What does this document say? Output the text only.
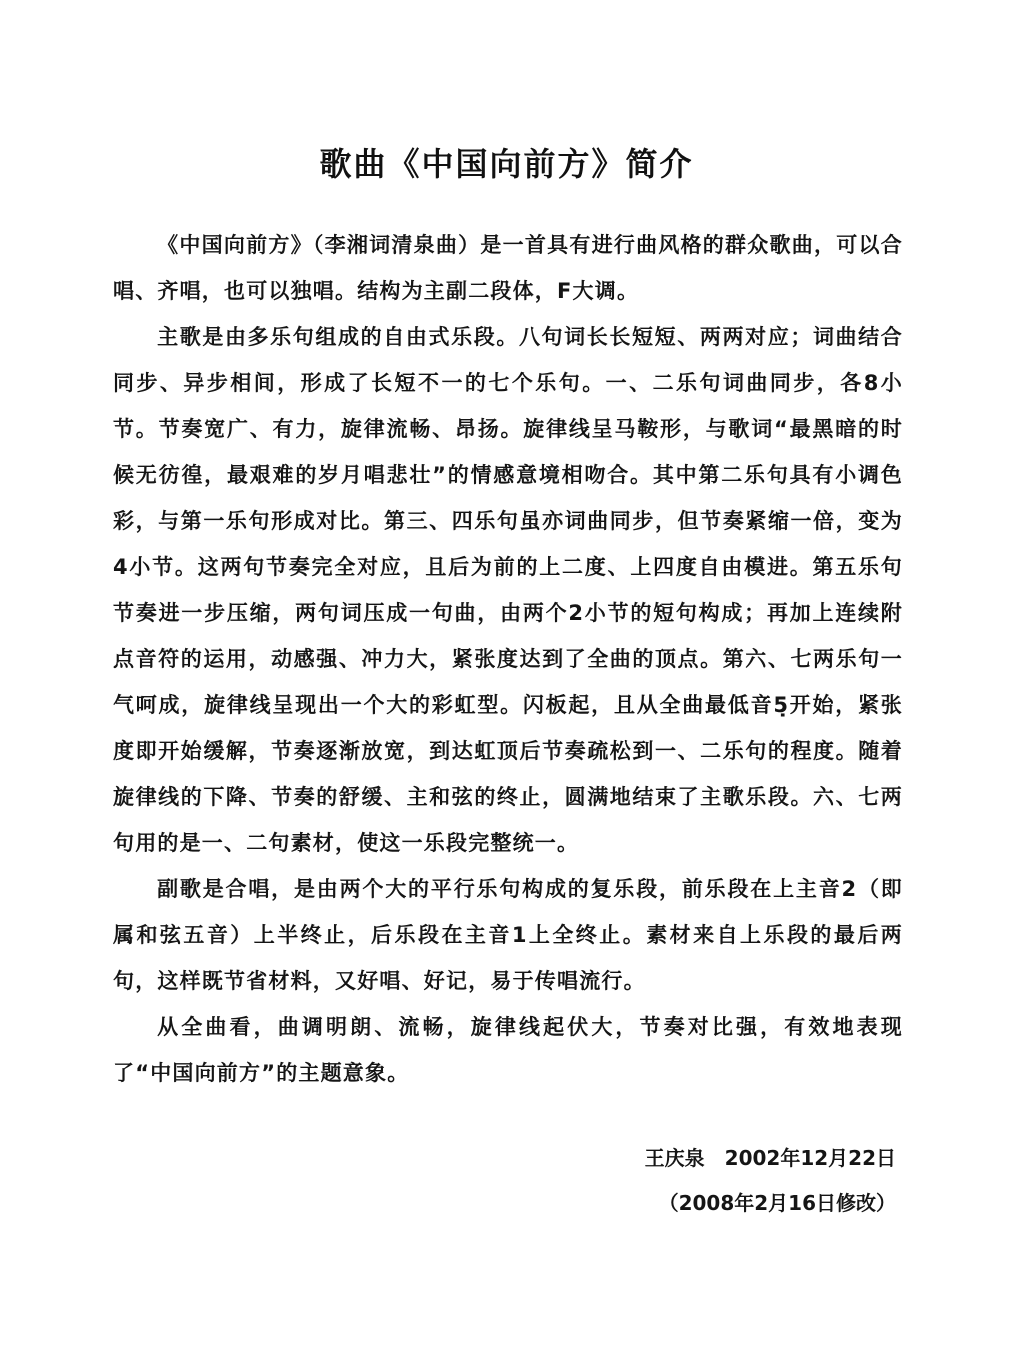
歌曲《中国向前方》简介

《中国向前方》（李湘词清泉曲）是一首具有进行曲风格的群众歌曲，可以合唱、齐唱，也可以独唱。结构为主副二段体，F大调。

主歌是由多乐句组成的自由式乐段。八句词长长短短、两两对应；词曲结合同步、异步相间，形成了长短不一的七个乐句。一、二乐句词曲同步，各8小节。节奏宽广、有力，旋律流畅、昂扬。旋律线呈马鞍形，与歌词“最黑暗的时候无彷徨，最艰难的岁月唱悲壮”的情感意境相吻合。其中第二乐句具有小调色彩，与第一乐句形成对比。第三、四乐句虽亦词曲同步，但节奏紧缩一倍，变为4小节。这两句节奏完全对应，且后为前的上二度、上四度自由模进。第五乐句节奏进一步压缩，两句词压成一句曲，由两个2小节的短句构成；再加上连续附点音符的运用，动感强、冲力大，紧张度达到了全曲的顶点。第六、七两乐句一气呵成，旋律线呈现出一个大的彩虹型。闪板起，且从全曲最低音5̣开始，紧张度即开始缓解，节奏逐渐放宽，到达虹顶后节奏疏松到一、二乐句的程度。随着旋律线的下降、节奏的舒缓、主和弦的终止，圆满地结束了主歌乐段。六、七两句用的是一、二句素材，使这一乐段完整统一。

副歌是合唱，是由两个大的平行乐句构成的复乐段，前乐段在上主音2（即属和弦五音）上半终止，后乐段在主音1上全终止。素材来自上乐段的最后两句，这样既节省材料，又好唱、好记，易于传唱流行。

从全曲看，曲调明朗、流畅，旋律线起伏大，节奏对比强，有效地表现了“中国向前方”的主题意象。

王庆泉　2002年12月22日
（2008年2月16日修改）
